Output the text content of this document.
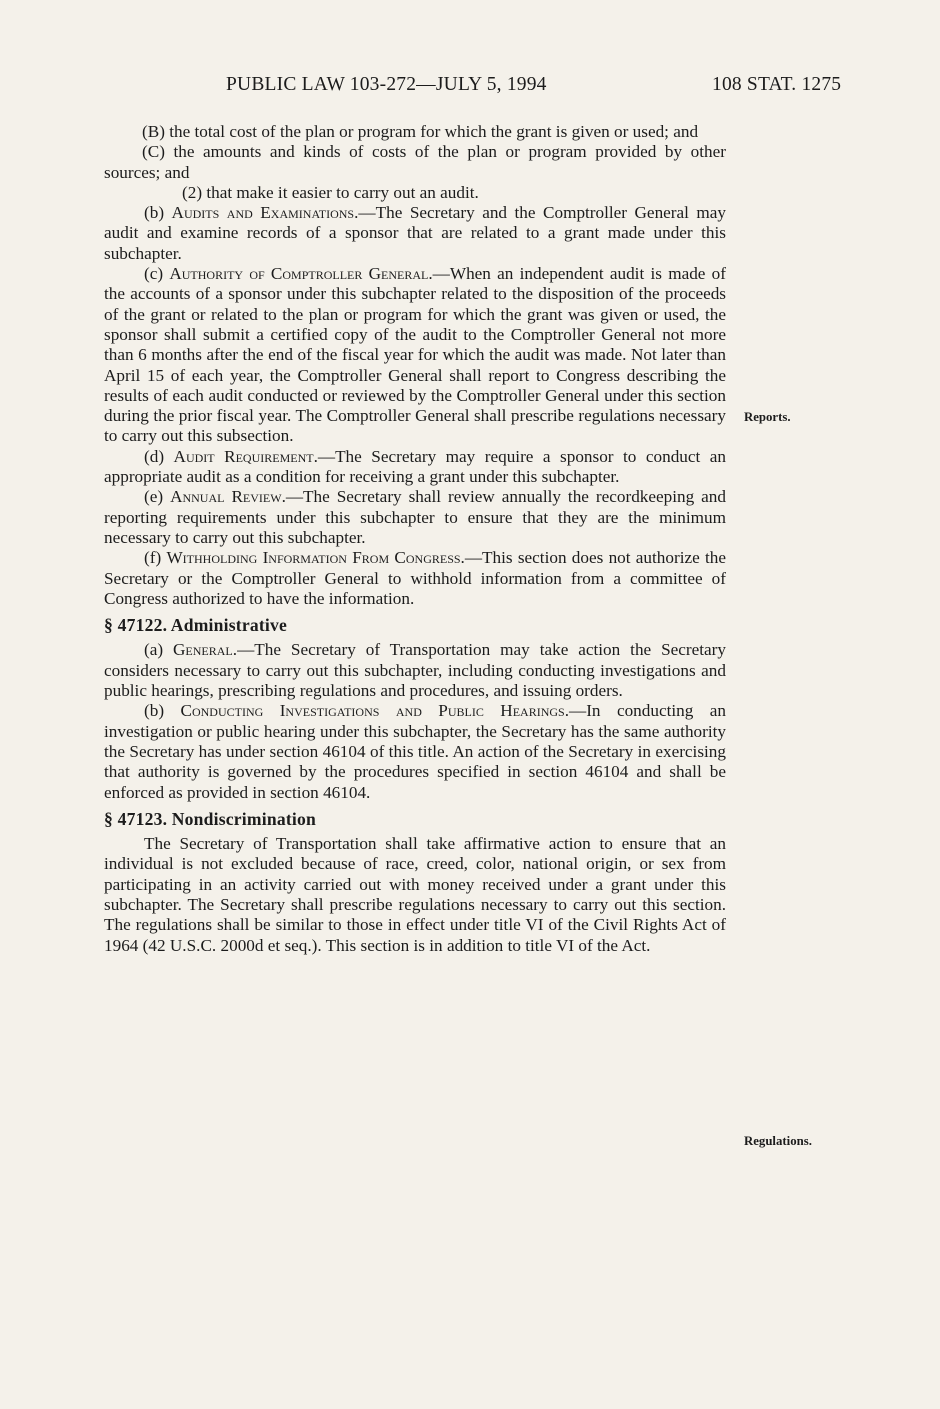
PUBLIC LAW 103-272—JULY 5, 1994	108 STAT. 1275

(B) the total cost of the plan or program for which the grant is given or used; and

(C) the amounts and kinds of costs of the plan or program provided by other sources; and

(2) that make it easier to carry out an audit.

(b) Audits and Examinations.—The Secretary and the Comptroller General may audit and examine records of a sponsor that are related to a grant made under this subchapter.

(c) Authority of Comptroller General.—When an independent audit is made of the accounts of a sponsor under this subchapter related to the disposition of the proceeds of the grant or related to the plan or program for which the grant was given or used, the sponsor shall submit a certified copy of the audit to the Comptroller General not more than 6 months after the end of the fiscal year for which the audit was made. Not later than April 15 of each year, the Comptroller General shall report to Congress describing the results of each audit conducted or reviewed by the Comptroller General under this section during the prior fiscal year. The Comptroller General shall prescribe regulations necessary to carry out this subsection.

(d) Audit Requirement.—The Secretary may require a sponsor to conduct an appropriate audit as a condition for receiving a grant under this subchapter.

(e) Annual Review.—The Secretary shall review annually the recordkeeping and reporting requirements under this subchapter to ensure that they are the minimum necessary to carry out this subchapter.

(f) Withholding Information From Congress.—This section does not authorize the Secretary or the Comptroller General to withhold information from a committee of Congress authorized to have the information.

§ 47122. Administrative

(a) General.—The Secretary of Transportation may take action the Secretary considers necessary to carry out this subchapter, including conducting investigations and public hearings, prescribing regulations and procedures, and issuing orders.

(b) Conducting Investigations and Public Hearings.—In conducting an investigation or public hearing under this subchapter, the Secretary has the same authority the Secretary has under section 46104 of this title. An action of the Secretary in exercising that authority is governed by the procedures specified in section 46104 and shall be enforced as provided in section 46104.

§ 47123. Nondiscrimination

The Secretary of Transportation shall take affirmative action to ensure that an individual is not excluded because of race, creed, color, national origin, or sex from participating in an activity carried out with money received under a grant under this subchapter. The Secretary shall prescribe regulations necessary to carry out this section. The regulations shall be similar to those in effect under title VI of the Civil Rights Act of 1964 (42 U.S.C. 2000d et seq.). This section is in addition to title VI of the Act.

Reports.
Regulations.
